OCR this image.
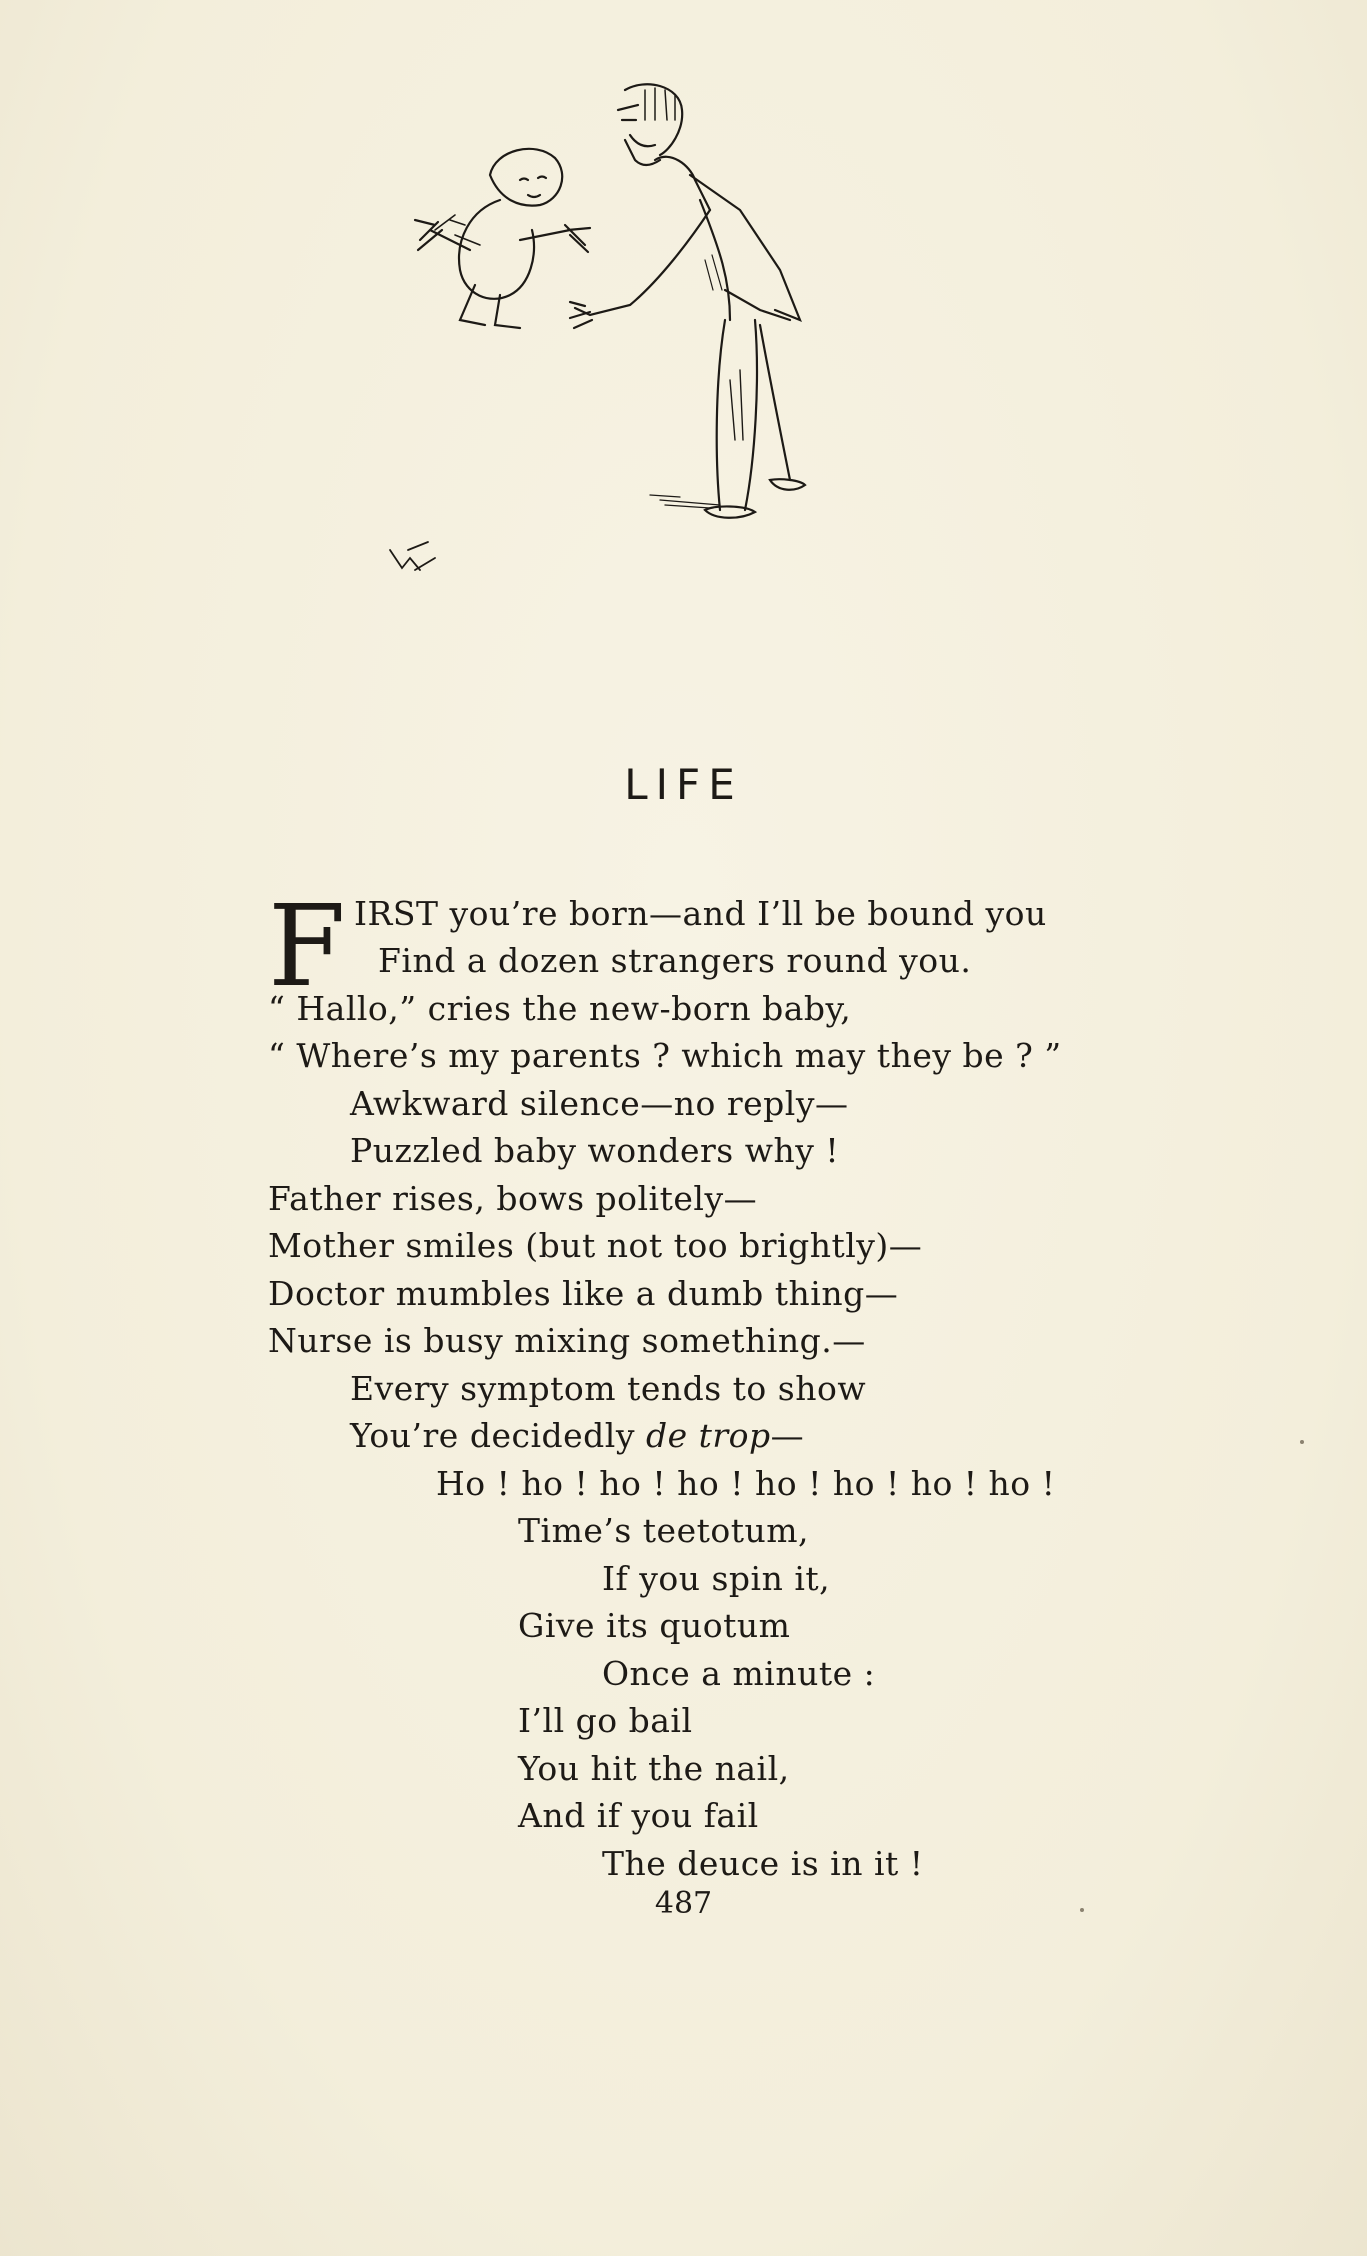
LIFE
F IRST you’re born—and I’ll be bound you
Find a dozen strangers round you.
“ Hallo,” cries the new-born baby,
“ Where’s my parents ? which may they be ? ”
Awkward silence—no reply—
Puzzled baby wonders why !
Father rises, bows politely—
Mother smiles (but not too brightly)—
Doctor mumbles like a dumb thing—
Nurse is busy mixing something.—
Every symptom tends to show
You’re decidedly de trop—
Ho ! ho ! ho ! ho ! ho ! ho ! ho ! ho !
Time’s teetotum,
If you spin it,
Give its quotum
Once a minute :
I’ll go bail
You hit the nail,
And if you fail
The deuce is in it !
487
